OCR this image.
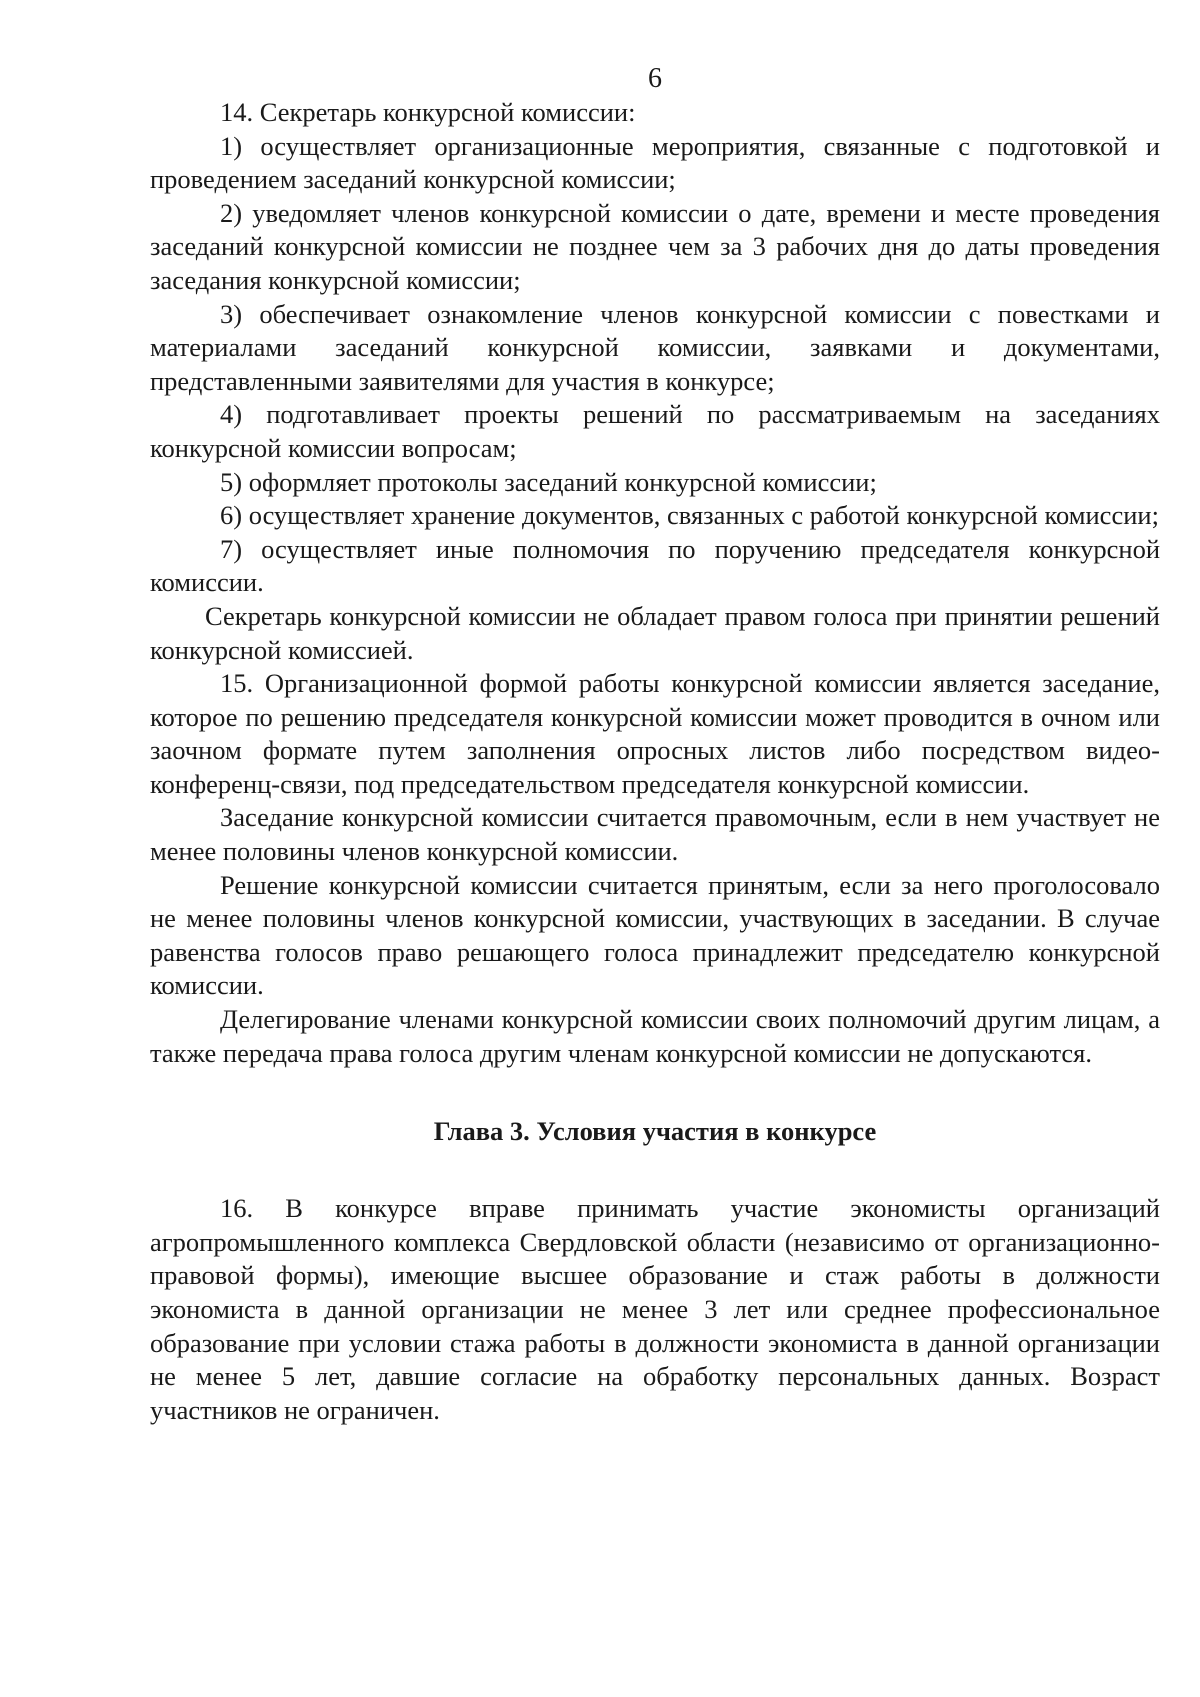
6

14. Секретарь конкурсной комиссии:

1) осуществляет организационные мероприятия, связанные с подготовкой и проведением заседаний конкурсной комиссии;

2) уведомляет членов конкурсной комиссии о дате, времени и месте проведения заседаний конкурсной комиссии не позднее чем за 3 рабочих дня до даты проведения заседания конкурсной комиссии;

3) обеспечивает ознакомление членов конкурсной комиссии с повестками и материалами заседаний конкурсной комиссии, заявками и документами, представленными заявителями для участия в конкурсе;

4) подготавливает проекты решений по рассматриваемым на заседаниях конкурсной комиссии вопросам;

5) оформляет протоколы заседаний конкурсной комиссии;

6) осуществляет хранение документов, связанных с работой конкурсной комиссии;

7) осуществляет иные полномочия по поручению председателя конкурсной комиссии.

Секретарь конкурсной комиссии не обладает правом голоса при принятии решений конкурсной комиссией.

15. Организационной формой работы конкурсной комиссии является заседание, которое по решению председателя конкурсной комиссии может проводится в очном или заочном формате путем заполнения опросных листов либо посредством видео-конференц-связи, под председательством председателя конкурсной комиссии.

Заседание конкурсной комиссии считается правомочным, если в нем участвует не менее половины членов конкурсной комиссии.

Решение конкурсной комиссии считается принятым, если за него проголосовало не менее половины членов конкурсной комиссии, участвующих в заседании. В случае равенства голосов право решающего голоса принадлежит председателю конкурсной комиссии.

Делегирование членами конкурсной комиссии своих полномочий другим лицам, а также передача права голоса другим членам конкурсной комиссии не допускаются.

Глава 3. Условия участия в конкурсе

16. В конкурсе вправе принимать участие экономисты организаций агропромышленного комплекса Свердловской области (независимо от организационно-правовой формы), имеющие высшее образование и стаж работы в должности экономиста в данной организации не менее 3 лет или среднее профессиональное образование при условии стажа работы в должности экономиста в данной организации не менее 5 лет, давшие согласие на обработку персональных данных. Возраст участников не ограничен.
